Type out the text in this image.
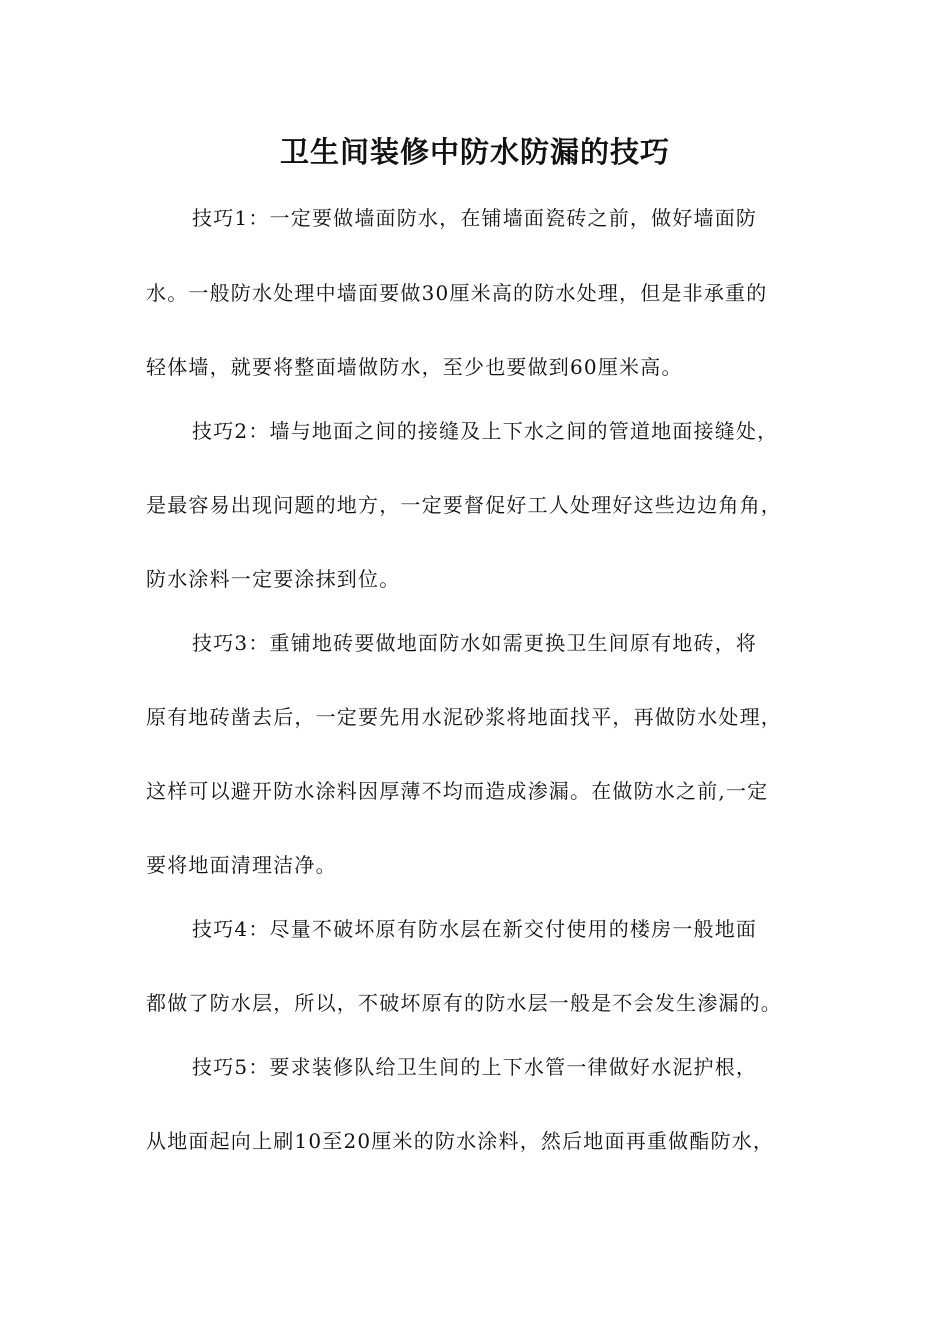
卫生间装修中防水防漏的技巧
技巧1：一定要做墙面防水，在铺墙面瓷砖之前，做好墙面防
水。一般防水处理中墙面要做30厘米高的防水处理，但是非承重的
轻体墙，就要将整面墙做防水，至少也要做到60厘米高。
技巧2：墙与地面之间的接缝及上下水之间的管道地面接缝处，
是最容易出现问题的地方，一定要督促好工人处理好这些边边角角，
防水涂料一定要涂抹到位。
技巧3：重铺地砖要做地面防水如需更换卫生间原有地砖，将
原有地砖凿去后，一定要先用水泥砂浆将地面找平，再做防水处理，
这样可以避开防水涂料因厚薄不均而造成渗漏。在做防水之前,一定
要将地面清理洁净。
技巧4：尽量不破坏原有防水层在新交付使用的楼房一般地面
都做了防水层，所以，不破坏原有的防水层一般是不会发生渗漏的。
技巧5：要求装修队给卫生间的上下水管一律做好水泥护根，
从地面起向上刷10至20厘米的防水涂料，然后地面再重做酯防水，
